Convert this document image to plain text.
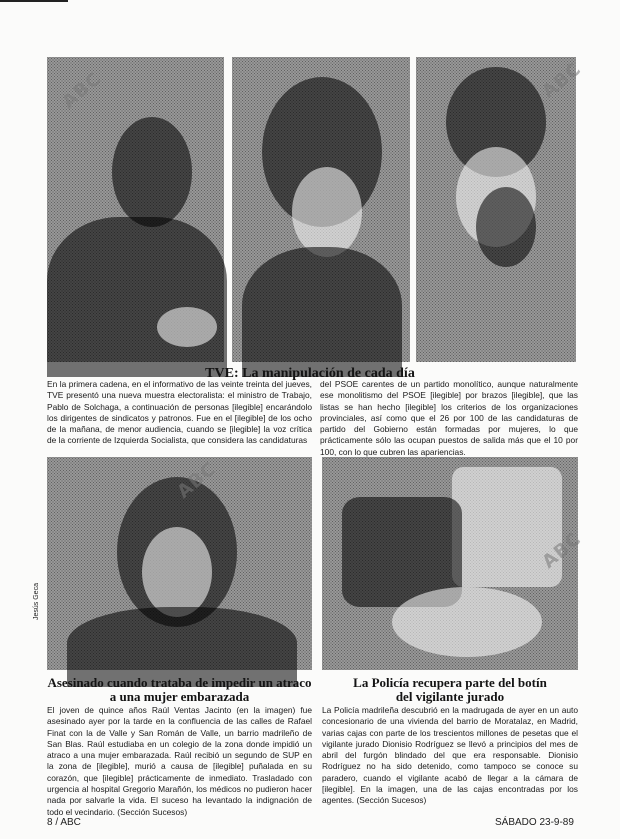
ABC	ABC
TVE: La manipulación de cada día

En la primera cadena, en el informativo de las veinte treinta del jueves, TVE presentó una nueva muestra electoralista: el ministro de Trabajo, Pablo de Solchaga, a continuación de personas [ilegible] encarándolo los dirigentes de sindicatos y patronos. Fue en el [ilegible] de los ocho de la mañana, de menor audiencia, cuando se [ilegible] la voz crítica de la corriente de Izquierda Socialista, que considera las candidaturas

del PSOE carentes de un partido monolítico, aunque naturalmente ese monolitismo del PSOE [ilegible] por brazos [ilegible], que las listas se han hecho [ilegible] los criterios de los organizaciones provinciales, así como que el 26 por 100 de las candidaturas de partido del Gobierno están formadas por mujeres, lo que prácticamente sólo las ocupan puestos de salida más que el 10 por 100, con lo que cubren las apariencias.

ABC
ABC
Jesús Geca
Asesinado cuando trataba de impedir un atraco
a una mujer embarazada
La Policía recupera parte del botín
del vigilante jurado

El joven de quince años Raúl Ventas Jacinto (en la imagen) fue asesinado ayer por la tarde en la confluencia de las calles de Rafael Finat con la de Valle y San Román de Valle, un barrio madrileño de San Blas. Raúl estudiaba en un colegio de la zona donde impidió un atraco a una mujer embarazada. Raúl recibió un segundo de SUP en la zona de [ilegible], murió a causa de [ilegible] puñalada en su corazón, que [ilegible] prácticamente de inmediato. Trasladado con urgencia al hospital Gregorio Marañón, los médicos no pudieron hacer nada por salvarle la vida. El suceso ha levantado la indignación de todo el vecindario. (Sección Sucesos)

La Policía madrileña descubrió en la madrugada de ayer en un auto concesionario de una vivienda del barrio de Moratalaz, en Madrid, varias cajas con parte de los trescientos millones de pesetas que el vigilante jurado Dionisio Rodríguez se llevó a principios del mes de abril del furgón blindado del que era responsable. Dionisio Rodríguez no ha sido detenido, como tampoco se conoce su paradero, cuando el vigilante acabó de llegar a la cámara de [ilegible]. En la imagen, una de las cajas encontradas por los agentes. (Sección Sucesos)

8 / ABC	SÁBADO 23-9-89
